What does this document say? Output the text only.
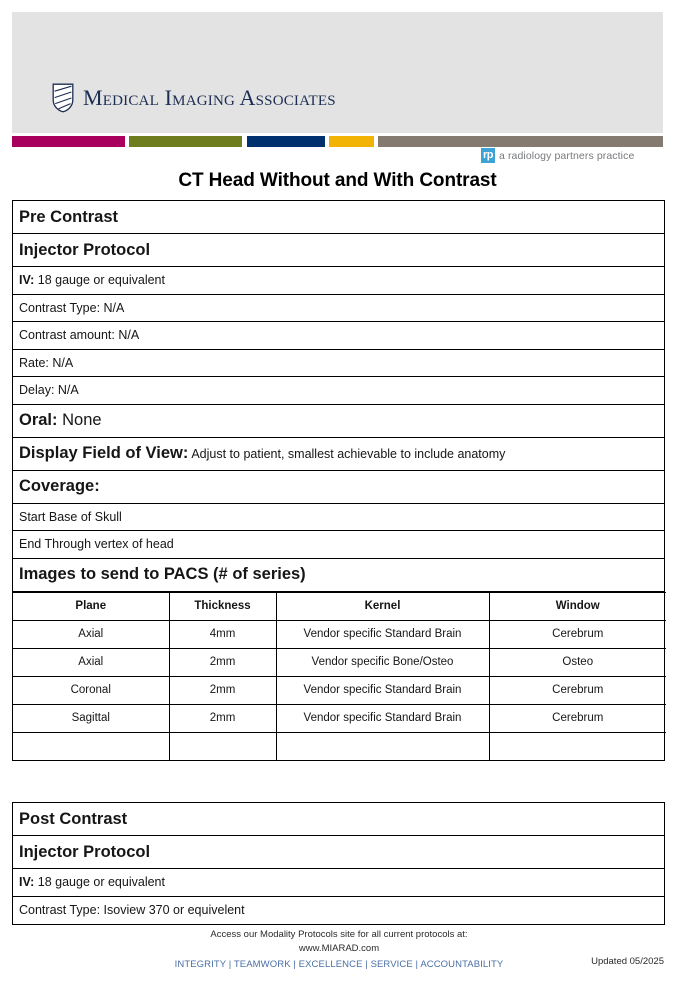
Medical Imaging Associates
rp a radiology partners practice
CT Head Without and With Contrast
Pre Contrast
Injector Protocol
IV:
18 gauge or equivalent
Contrast Type: N/A
Contrast amount: N/A
Rate: N/A
Delay: N/A
Oral:
None
Display Field of View: Adjust to patient, smallest achievable to include anatomy
Coverage:
Start Base of Skull
End Through vertex of head
Images to send to PACS (# of series)
Plane	Thickness	Kernel	Window
Axial	4mm	Vendor specific Standard Brain	Cerebrum
Axial	2mm	Vendor specific Bone/Osteo	Osteo
Coronal	2mm	Vendor specific Standard Brain	Cerebrum
Sagittal	2mm	Vendor specific Standard Brain	Cerebrum

Post Contrast
Injector Protocol
IV:
18 gauge or equivalent
Contrast Type: Isoview 370 or equivelent
Access our Modality Protocols site for all current protocols at:
www.MIARAD.com
INTEGRITY | TEAMWORK | EXCELLENCE | SERVICE | ACCOUNTABILITY	Updated 05/2025
